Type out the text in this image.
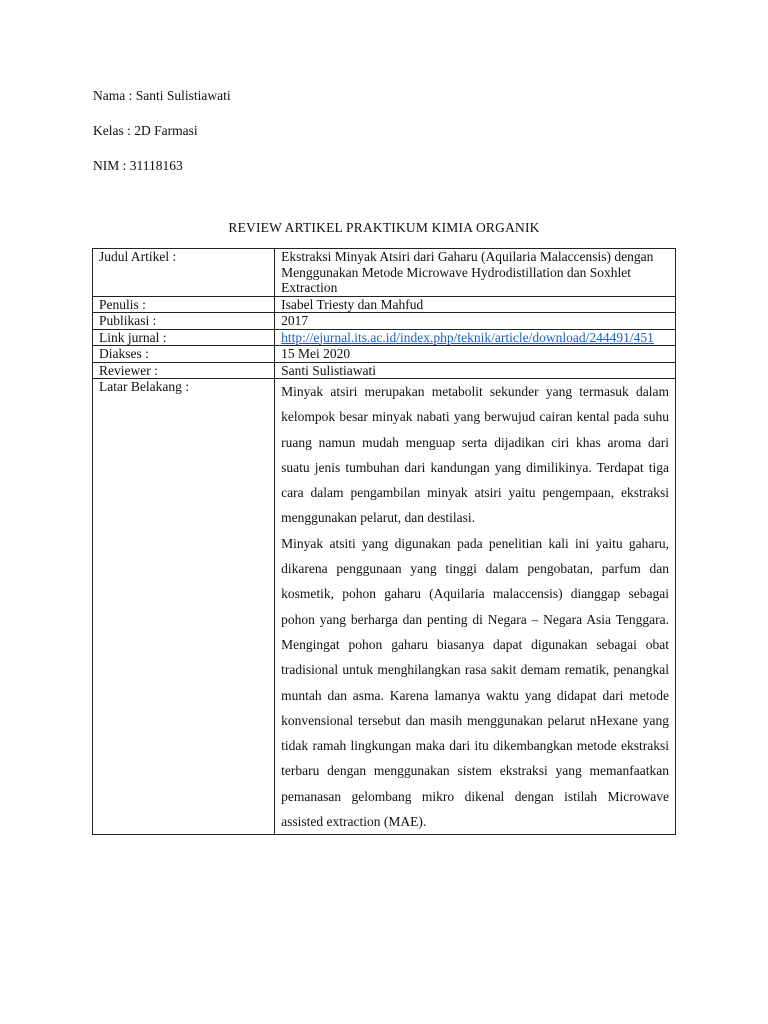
Nama : Santi Sulistiawati
Kelas : 2D Farmasi
NIM : 31118163
REVIEW ARTIKEL PRAKTIKUM KIMIA ORGANIK
Judul Artikel :	Ekstraksi Minyak Atsiri dari Gaharu (Aquilaria Malaccensis) dengan Menggunakan Metode Microwave Hydrodistillation dan Soxhlet Extraction
Penulis :	Isabel Triesty dan Mahfud
Publikasi :	2017
Link jurnal :	http://ejurnal.its.ac.id/index.php/teknik/article/download/244491/451
Diakses :	15 Mei 2020
Reviewer :	Santi Sulistiawati
Latar Belakang :	Minyak atsiri merupakan metabolit sekunder yang termasuk dalam kelompok besar minyak nabati yang berwujud cairan kental pada suhu ruang namun mudah menguap serta dijadikan ciri khas aroma dari suatu jenis tumbuhan dari kandungan yang dimilikinya. Terdapat tiga cara dalam pengambilan minyak atsiri yaitu pengempaan, ekstraksi menggunakan pelarut, dan destilasi.

Minyak atsiti yang digunakan pada penelitian kali ini yaitu gaharu, dikarena penggunaan yang tinggi dalam pengobatan, parfum dan kosmetik, pohon gaharu (Aquilaria malaccensis) dianggap sebagai pohon yang berharga dan penting di Negara – Negara Asia Tenggara. Mengingat pohon gaharu biasanya dapat digunakan sebagai obat tradisional untuk menghilangkan rasa sakit demam rematik, penangkal muntah dan asma. Karena lamanya waktu yang didapat dari metode konvensional tersebut dan masih menggunakan pelarut nHexane yang tidak ramah lingkungan maka dari itu dikembangkan metode ekstraksi terbaru dengan menggunakan sistem ekstraksi yang memanfaatkan pemanasan gelombang mikro dikenal dengan istilah Microwave assisted extraction (MAE).
